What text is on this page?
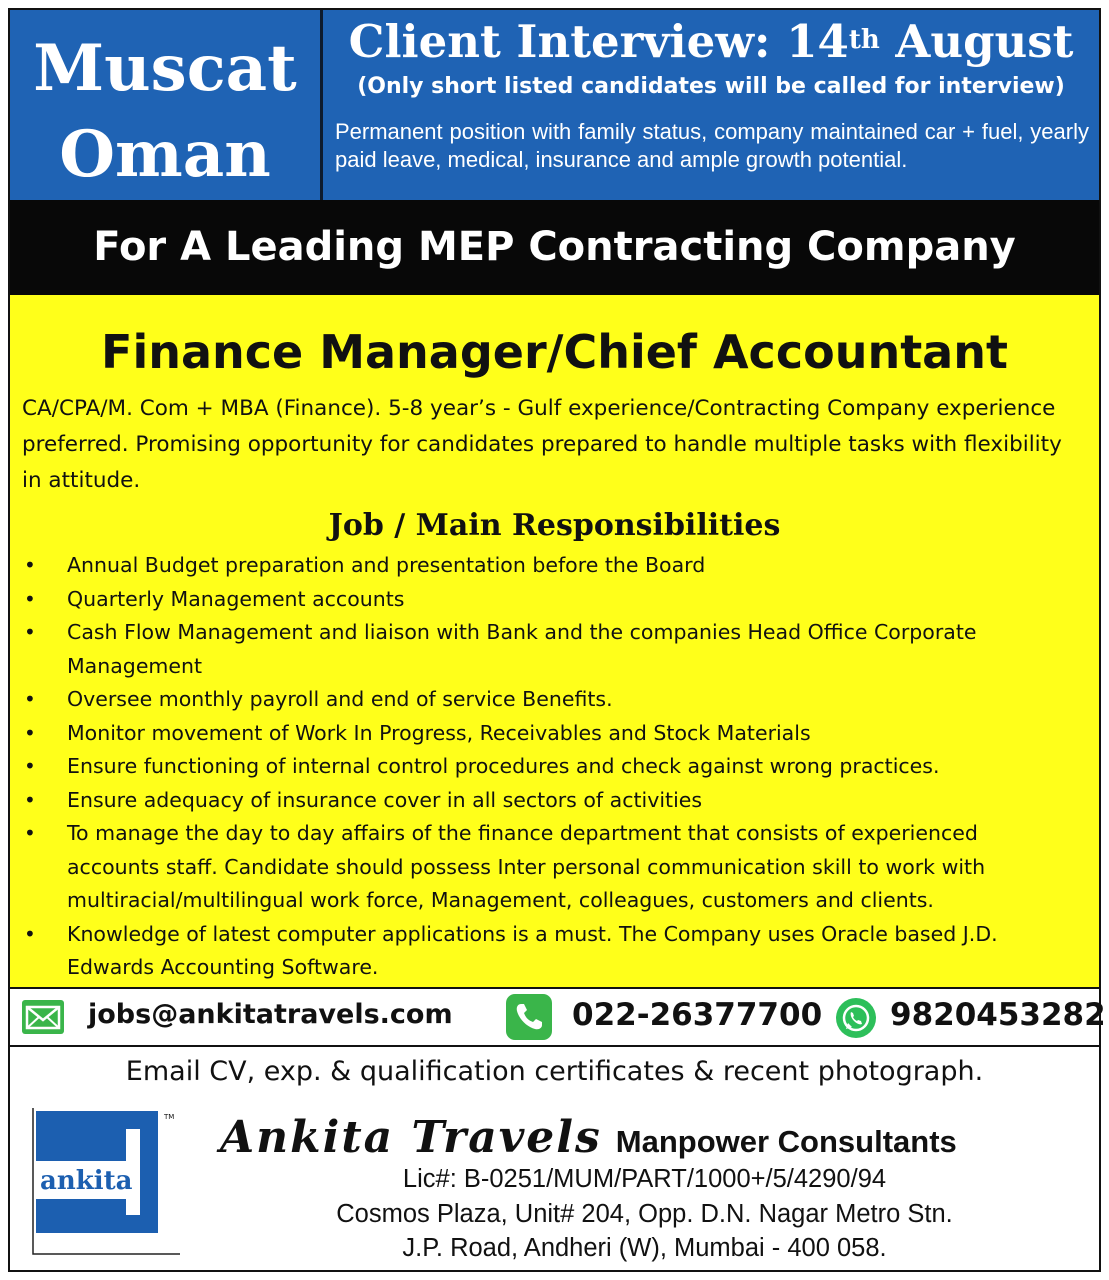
Muscat
Oman
Client Interview: 14th August
(Only short listed candidates will be called for interview)
Permanent position with family status, company maintained car + fuel, yearly paid leave, medical, insurance and ample growth potential.
For A Leading MEP Contracting Company
Finance Manager/Chief Accountant
CA/CPA/M. Com + MBA (Finance). 5-8 year’s - Gulf experience/Contracting Company experience preferred. Promising opportunity for candidates prepared to handle multiple tasks with flexibility in attitude.
Job / Main Responsibilities
• Annual Budget preparation and presentation before the Board
• Quarterly Management accounts
• Cash Flow Management and liaison with Bank and the companies Head Office Corporate Management
• Oversee monthly payroll and end of service Benefits.
• Monitor movement of Work In Progress, Receivables and Stock Materials
• Ensure functioning of internal control procedures and check against wrong practices.
• Ensure adequacy of insurance cover in all sectors of activities
• To manage the day to day affairs of the finance department that consists of experienced accounts staff. Candidate should possess Inter personal communication skill to work with multiracial/multilingual work force, Management, colleagues, customers and clients.
• Knowledge of latest computer applications is a must. The Company uses Oracle based J.D. Edwards Accounting Software.
jobs@ankitatravels.com	022-26377700 9820453282
Email CV, exp. & qualification certificates & recent photograph.
ankita
TM Ankita Travels Manpower Consultants
Lic#: B-0251/MUM/PART/1000+/5/4290/94
Cosmos Plaza, Unit# 204, Opp. D.N. Nagar Metro Stn.
J.P. Road, Andheri (W), Mumbai - 400 058.
